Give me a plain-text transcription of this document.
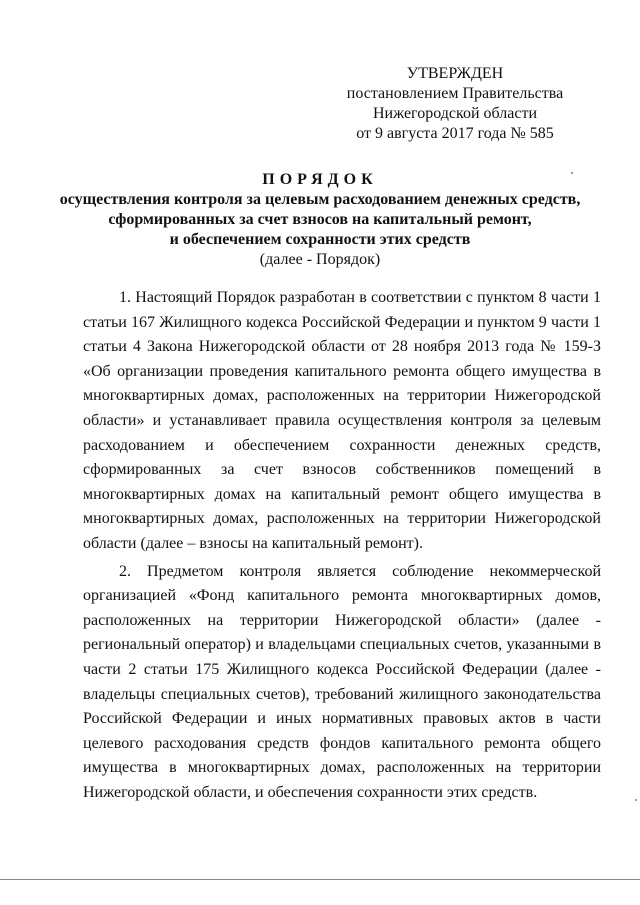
УТВЕРЖДЕН
постановлением Правительства
Нижегородской области
от 9 августа 2017 года № 585
ПОРЯДОК
осуществления контроля за целевым расходованием денежных средств,
сформированных за счет взносов на капитальный ремонт,
и обеспечением сохранности этих средств
(далее - Порядок)

1. Настоящий Порядок разработан в соответствии с пунктом 8 части 1 статьи 167 Жилищного кодекса Российской Федерации и пунктом 9 части 1 статьи 4 Закона Нижегородской области от 28 ноября 2013 года № 159-З «Об организации проведения капитального ремонта общего имущества в многоквартирных домах, расположенных на территории Нижегородской области» и устанавливает правила осуществления контроля за целевым расходованием и обеспечением сохранности денежных средств, сформированных за счет взносов собственников помещений в многоквартирных домах на капитальный ремонт общего имущества в многоквартирных домах, расположенных на территории Нижегородской области (далее – взносы на капитальный ремонт).

2. Предметом контроля является соблюдение некоммерческой организацией «Фонд капитального ремонта многоквартирных домов, расположенных на территории Нижегородской области» (далее - региональный оператор) и владельцами специальных счетов, указанными в части 2 статьи 175 Жилищного кодекса Российской Федерации (далее - владельцы специальных счетов), требований жилищного законодательства Российской Федерации и иных нормативных правовых актов в части целевого расходования средств фондов капитального ремонта общего имущества в многоквартирных домах, расположенных на территории Нижегородской области, и обеспечения сохранности этих средств.
